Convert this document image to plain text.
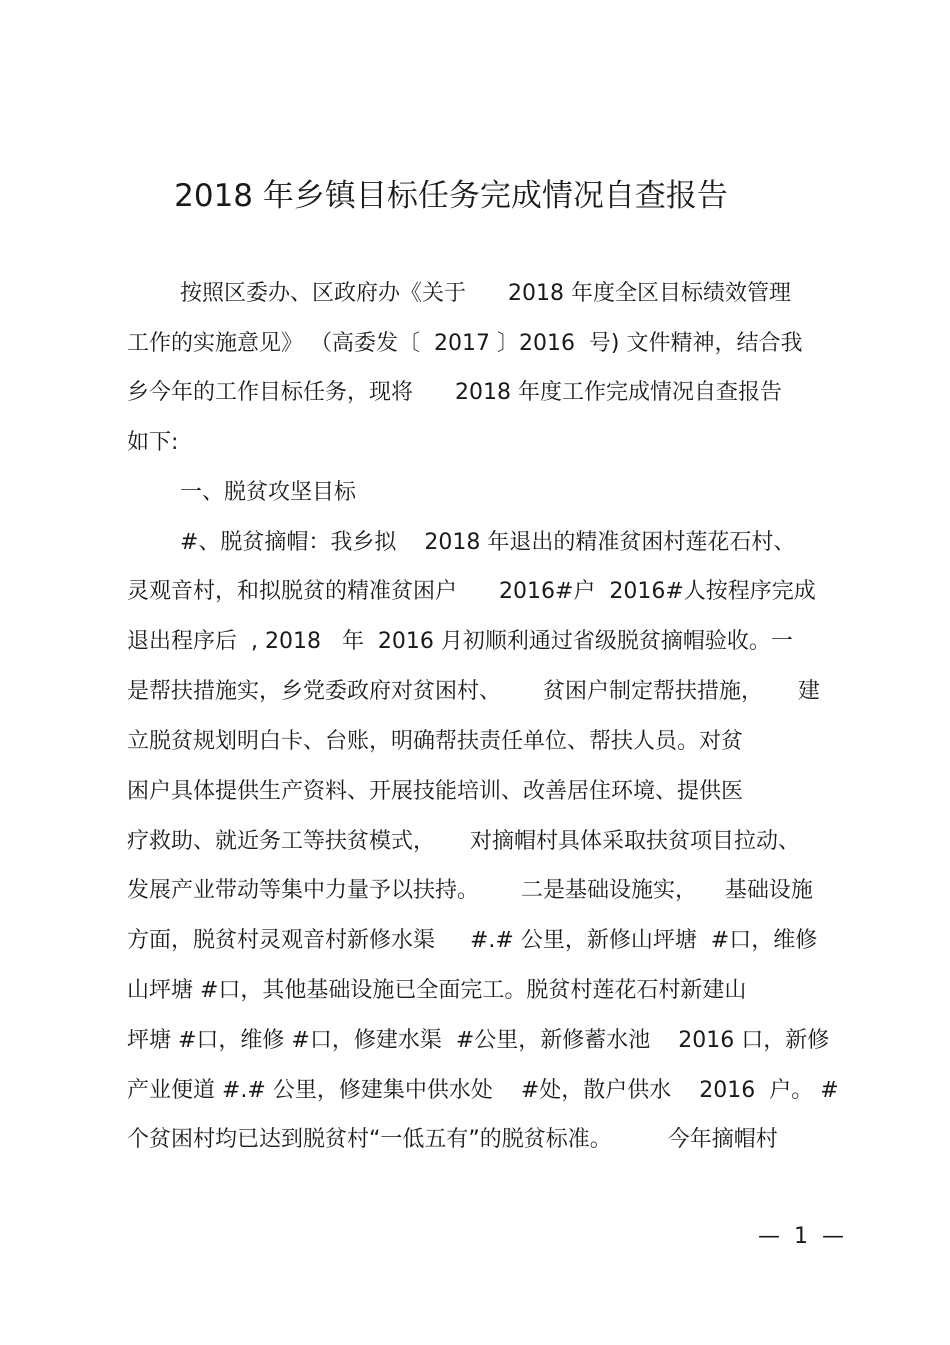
2018 年乡镇目标任务完成情况自查报告
按照区委办、区政府办《关于      2018 年度全区目标绩效管理
工作的实施意见》 （高委发〔  2017 〕2016  号) 文件精神，结合我
乡今年的工作目标任务，现将      2018 年度工作完成情况自查报告
如下:
一、脱贫攻坚目标
#、脱贫摘帽：我乡拟    2018 年退出的精准贫困村莲花石村、
灵观音村，和拟脱贫的精准贫困户      2016#户  2016#人按程序完成
退出程序后  , 2018   年  2016 月初顺利通过省级脱贫摘帽验收。一
是帮扶措施实，乡党委政府对贫困村、      贫困户制定帮扶措施，     建
立脱贫规划明白卡、台账，明确帮扶责任单位、帮扶人员。对贫
困户具体提供生产资料、开展技能培训、改善居住环境、提供医
疗救助、就近务工等扶贫模式，     对摘帽村具体采取扶贫项目拉动、
发展产业带动等集中力量予以扶持。      二是基础设施实，    基础设施
方面，脱贫村灵观音村新修水渠     #.# 公里，新修山坪塘  #口，维修
山坪塘 #口，其他基础设施已全面完工。脱贫村莲花石村新建山
坪塘 #口，维修 #口，修建水渠  #公里，新修蓄水池    2016 口，新修
产业便道 #.# 公里，修建集中供水处    #处，散户供水    2016  户。 #
个贫困村均已达到脱贫村“一低五有”的脱贫标准。        今年摘帽村
—  1  —
